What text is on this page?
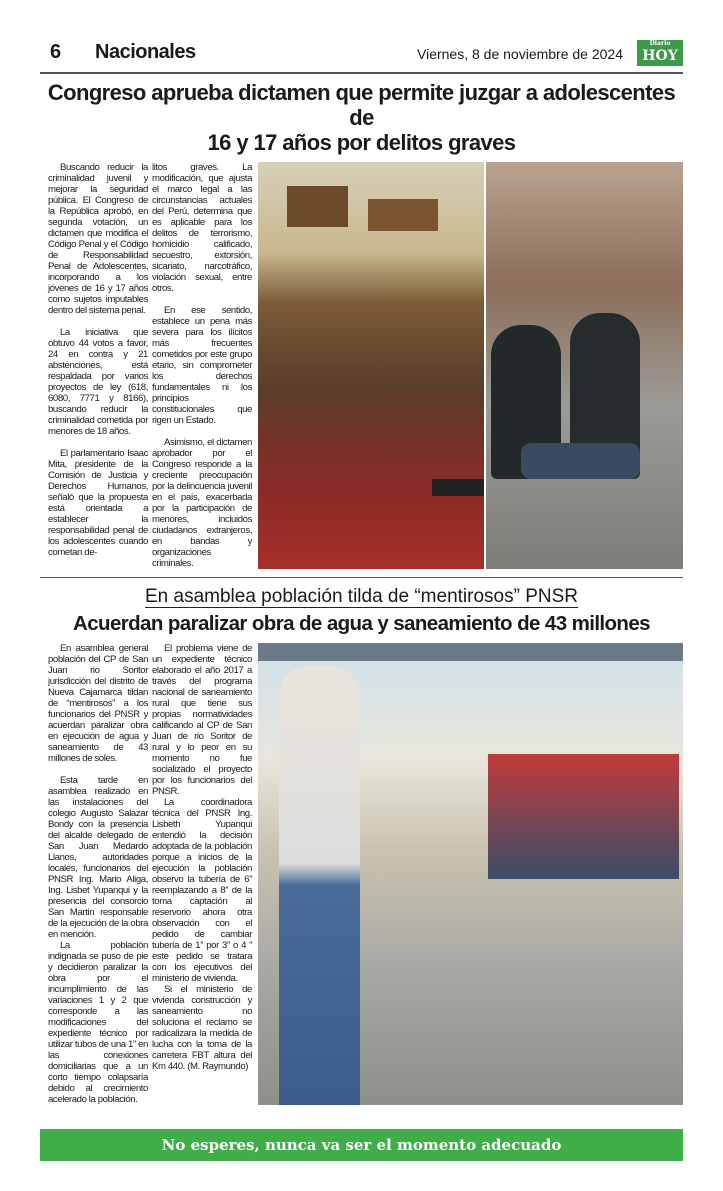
6 Nacionales	Viernes, 8 de noviembre de 2024
Diario
HOY
Congreso aprueba dictamen que permite juzgar a adolescentes de
16 y 17 años por delitos graves

Buscando reducir la criminalidad juvenil y mejorar la seguridad pública. El Congreso de la República aprobó, en segunda votación, un dictamen que modifica el Código Penal y el Código de Responsabilidad Penal de Adolescentes, incorporando a los jóvenes de 16 y 17 años como sujetos imputables dentro del sistema penal.

La iniciativa que obtuvo 44 votos a favor, 24 en contra y 21 abstenciones, está respaldada por varios proyectos de ley (618, 6080, 7771 y 8166), buscando reducir la criminalidad cometida por menores de 18 años.

El parlamentario Isaac Mita, presidente de la Comisión de Justicia y Derechos Humanos, señaló que la propuesta está orientada a establecer la responsabilidad penal de los adolescentes cuando cometan de-

litos graves. La modificación, que ajusta el marco legal a las circunstancias actuales del Perú, determina que es aplicable para los delitos de terrorismo, homicidio calificado, secuestro, extorsión, sicariato, narcotráfico, violación sexual, entre otros.

En ese sentido, establece un pena más severa para los ilícitos más frecuentes cometidos por este grupo etario, sin comprometer los derechos fundamentales ni los principios constitucionales que rigen un Estado.

Asimismo, el dictamen aprobador por el Congreso responde a la creciente preocupación por la delincuencia juvenil en el país, exacerbada por la participación de menores, incluidos ciudadanos extranjeros, en bandas y organizaciones criminales.

En asamblea población tilda de “mentirosos” PNSR
Acuerdan paralizar obra de agua y saneamiento de 43 millones

En asamblea general población del CP de San Juan rio Soritor jurisdicción del distrito de Nueva Cajamarca tildan de “mentirosos” a los funcionarios del PNSR y acuerdan paralizar obra en ejecución de agua y saneamiento de 43 millones de soles.

Esta tarde en asamblea realizado en las instalaciones del colegio Augusto Salazar Bondy con la presencia del alcalde delegado de San Juan Medardo Llanos, autoridades locales, funcionarios del PNSR Ing. Mario Aliga, Ing. Lisbet Yupanqui y la presencia del consorcio San Martin responsable de la ejecución de la obra en mención.

La población indignada se puso de pie y decidieron paralizar la obra por el incumplimiento de las variaciones 1 y 2 que corresponde a las modificaciones del expediente técnico por utilizar tubos de una 1” en las conexiones domiciliarias que a un corto tiempo colapsaría debido al crecimiento acelerado la población.

El problema viene de un expediente técnico elaborado el año 2017 a través del programa nacional de saneamiento rural que tiene sus propias normatividades calificando al CP de San Juan de rio Soritor de rural y lo peor en su momento no fue socializado el proyecto por los funcionarios del PNSR.

La coordinadora técnica del PNSR Ing. Lisbeth Yupanqui entendió la decisión adoptada de la población porque a inicios de la ejecución la población observo la tubería de 6” reemplazando a 8” de la toma captación al reservorio ahora otra observación con el pedido de cambiar tubería de 1” por 3” o 4 ” este pedido se tratara con los ejecutivos del ministerio de vivienda.

Si el ministerio de vivienda construcción y saneamiento no soluciona el reclamo se radicalizara la medida de lucha con la toma de la carretera FBT altura del Km 440. (M. Raymundo)

No esperes, nunca va ser el momento adecuado
